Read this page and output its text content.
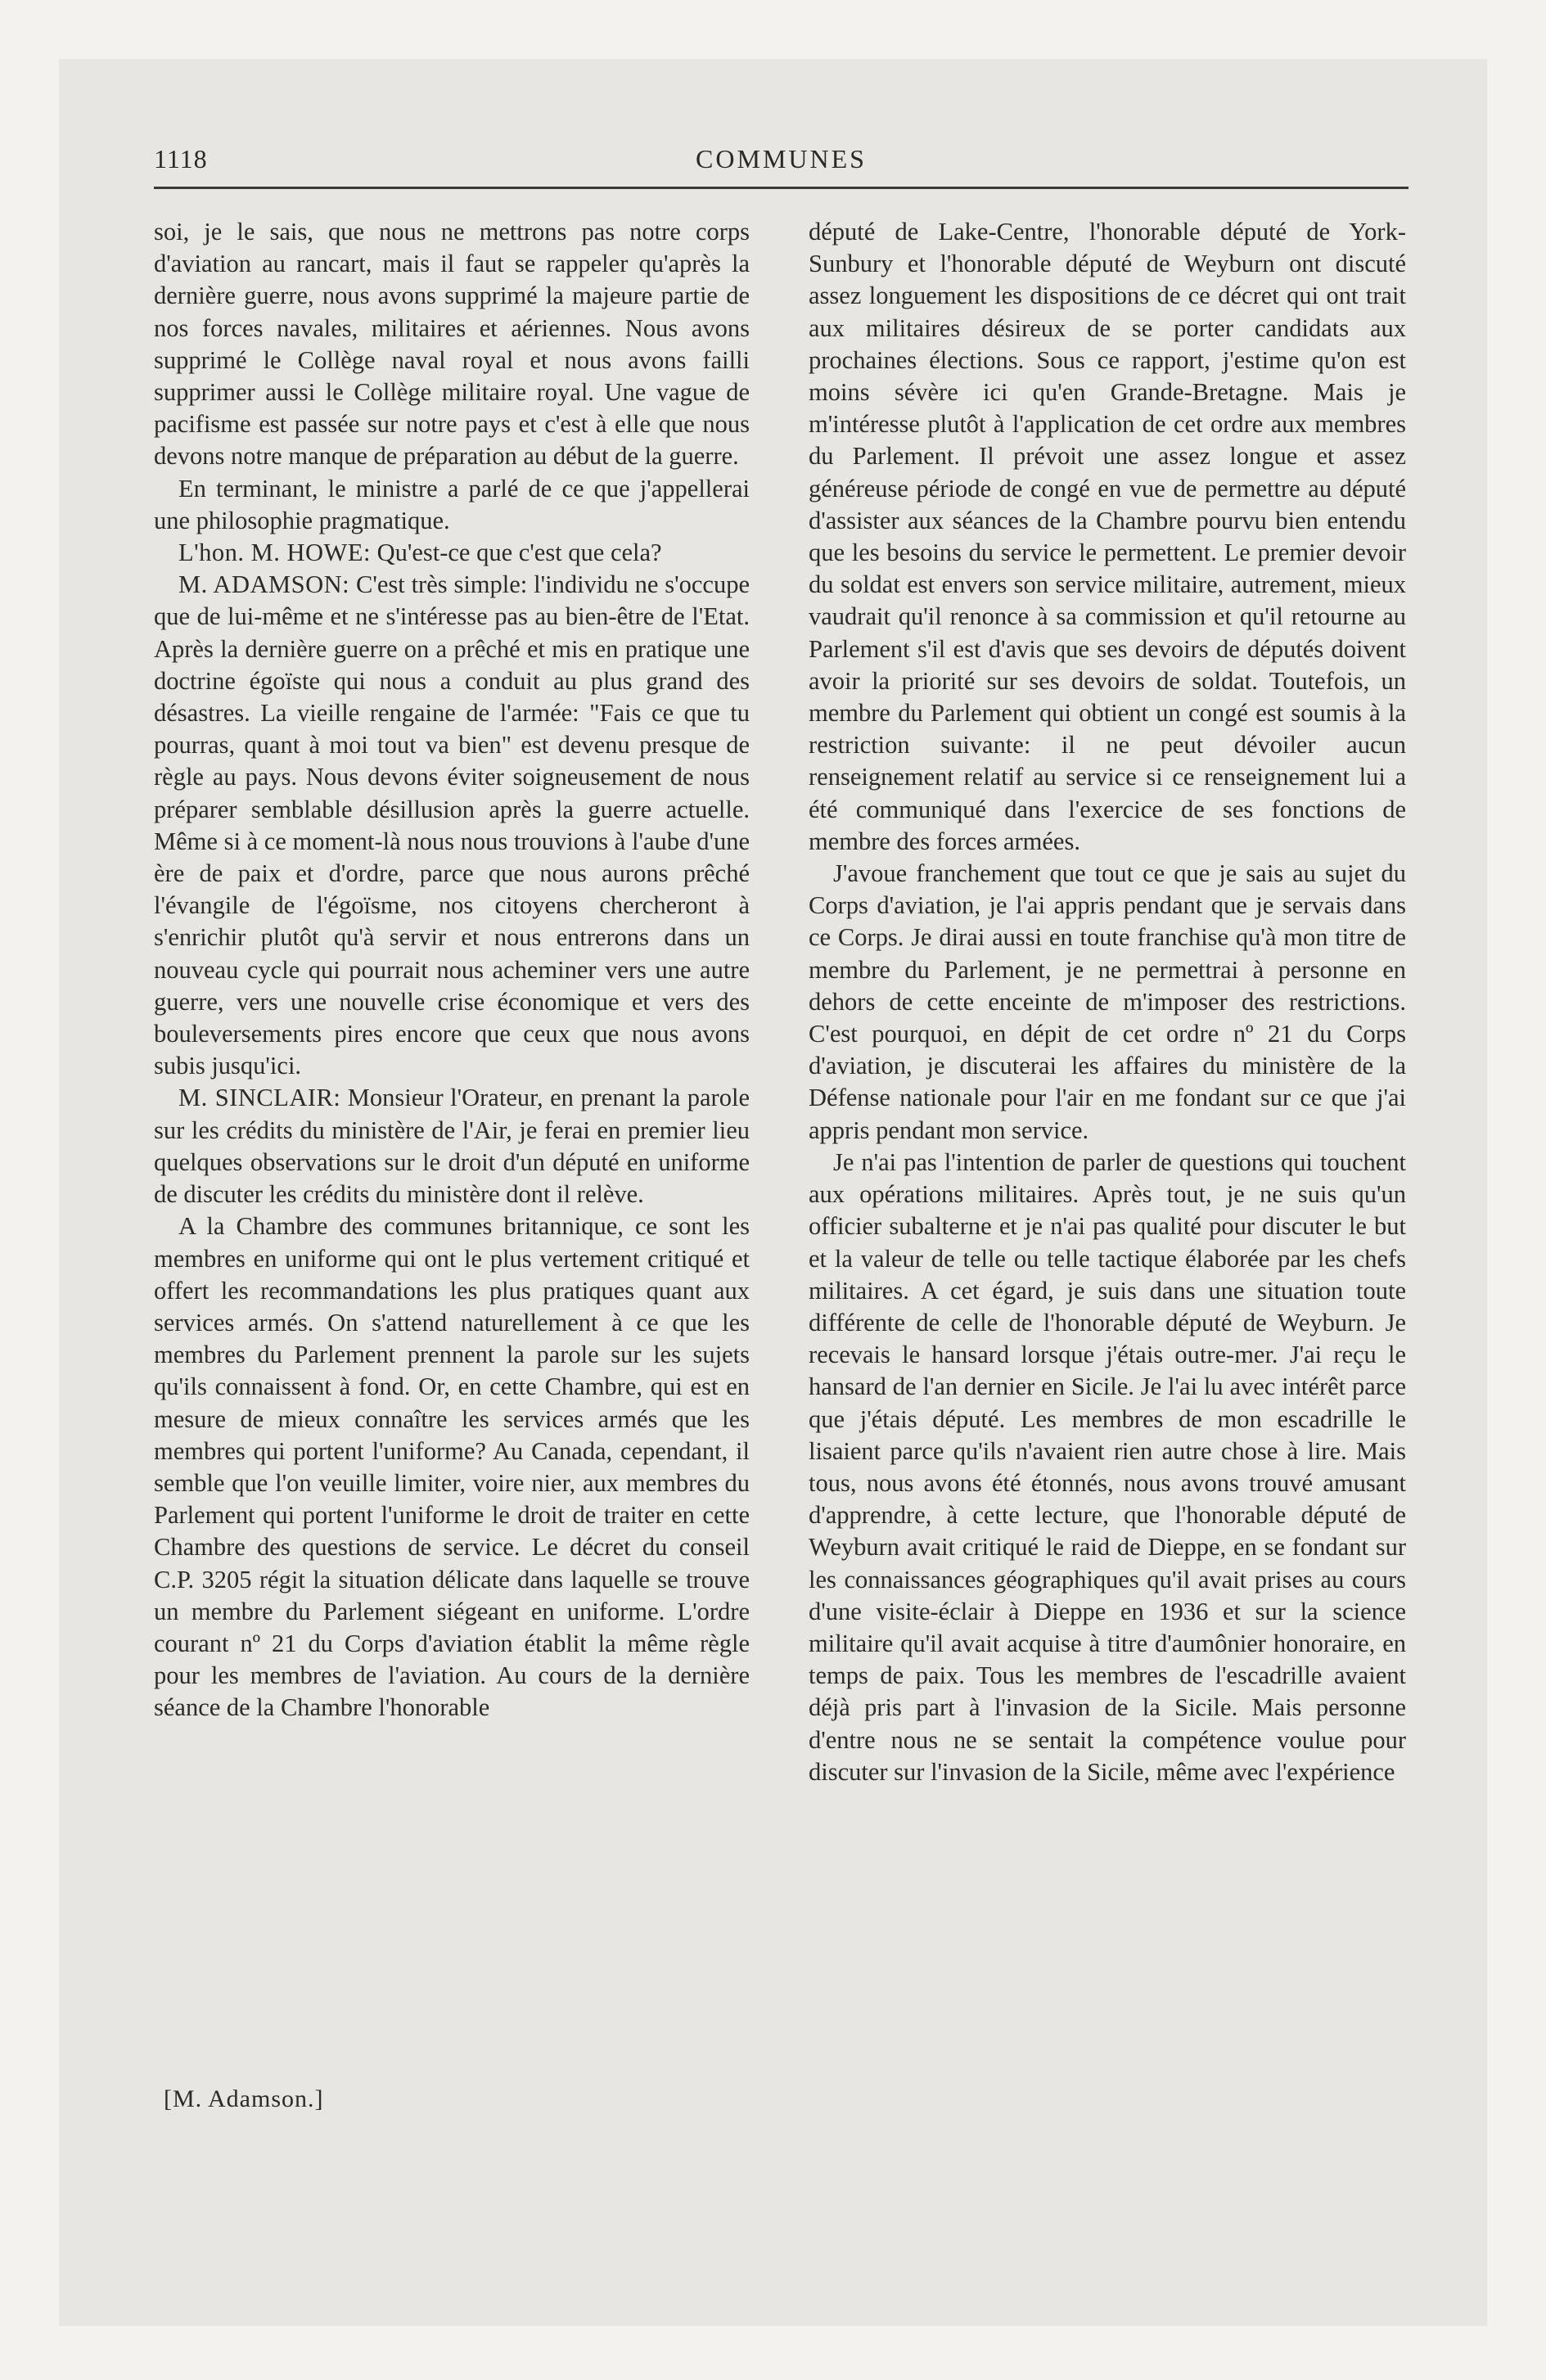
1118	COMMUNES

soi, je le sais, que nous ne mettrons pas notre corps d'aviation au rancart, mais il faut se rappeler qu'après la dernière guerre, nous avons supprimé la majeure partie de nos forces navales, militaires et aériennes. Nous avons supprimé le Collège naval royal et nous avons failli supprimer aussi le Collège militaire royal. Une vague de pacifisme est passée sur notre pays et c'est à elle que nous devons notre manque de préparation au début de la guerre.

En terminant, le ministre a parlé de ce que j'appellerai une philosophie pragmatique.

L'hon. M. HOWE: Qu'est-ce que c'est que cela?

M. ADAMSON: C'est très simple: l'individu ne s'occupe que de lui-même et ne s'intéresse pas au bien-être de l'Etat. Après la dernière guerre on a prêché et mis en pratique une doctrine égoïste qui nous a conduit au plus grand des désastres. La vieille rengaine de l'armée: "Fais ce que tu pourras, quant à moi tout va bien" est devenu presque de règle au pays. Nous devons éviter soigneusement de nous préparer semblable désillusion après la guerre actuelle. Même si à ce moment-là nous nous trouvions à l'aube d'une ère de paix et d'ordre, parce que nous aurons prêché l'évangile de l'égoïsme, nos citoyens chercheront à s'enrichir plutôt qu'à servir et nous entrerons dans un nouveau cycle qui pourrait nous acheminer vers une autre guerre, vers une nouvelle crise économique et vers des bouleversements pires encore que ceux que nous avons subis jusqu'ici.

M. SINCLAIR: Monsieur l'Orateur, en prenant la parole sur les crédits du ministère de l'Air, je ferai en premier lieu quelques observations sur le droit d'un député en uniforme de discuter les crédits du ministère dont il relève.

A la Chambre des communes britannique, ce sont les membres en uniforme qui ont le plus vertement critiqué et offert les recommandations les plus pratiques quant aux services armés. On s'attend naturellement à ce que les membres du Parlement prennent la parole sur les sujets qu'ils connaissent à fond. Or, en cette Chambre, qui est en mesure de mieux connaître les services armés que les membres qui portent l'uniforme? Au Canada, cependant, il semble que l'on veuille limiter, voire nier, aux membres du Parlement qui portent l'uniforme le droit de traiter en cette Chambre des questions de service. Le décret du conseil C.P. 3205 régit la situation délicate dans laquelle se trouve un membre du Parlement siégeant en uniforme. L'ordre courant nº 21 du Corps d'aviation établit la même règle pour les membres de l'aviation. Au cours de la dernière séance de la Chambre l'honorable

député de Lake-Centre, l'honorable député de York-Sunbury et l'honorable député de Weyburn ont discuté assez longuement les dispositions de ce décret qui ont trait aux militaires désireux de se porter candidats aux prochaines élections. Sous ce rapport, j'estime qu'on est moins sévère ici qu'en Grande-Bretagne. Mais je m'intéresse plutôt à l'application de cet ordre aux membres du Parlement. Il prévoit une assez longue et assez généreuse période de congé en vue de permettre au député d'assister aux séances de la Chambre pourvu bien entendu que les besoins du service le permettent. Le premier devoir du soldat est envers son service militaire, autrement, mieux vaudrait qu'il renonce à sa commission et qu'il retourne au Parlement s'il est d'avis que ses devoirs de députés doivent avoir la priorité sur ses devoirs de soldat. Toutefois, un membre du Parlement qui obtient un congé est soumis à la restriction suivante: il ne peut dévoiler aucun renseignement relatif au service si ce renseignement lui a été communiqué dans l'exercice de ses fonctions de membre des forces armées.

J'avoue franchement que tout ce que je sais au sujet du Corps d'aviation, je l'ai appris pendant que je servais dans ce Corps. Je dirai aussi en toute franchise qu'à mon titre de membre du Parlement, je ne permettrai à personne en dehors de cette enceinte de m'imposer des restrictions. C'est pourquoi, en dépit de cet ordre nº 21 du Corps d'aviation, je discuterai les affaires du ministère de la Défense nationale pour l'air en me fondant sur ce que j'ai appris pendant mon service.

Je n'ai pas l'intention de parler de questions qui touchent aux opérations militaires. Après tout, je ne suis qu'un officier subalterne et je n'ai pas qualité pour discuter le but et la valeur de telle ou telle tactique élaborée par les chefs militaires. A cet égard, je suis dans une situation toute différente de celle de l'honorable député de Weyburn. Je recevais le hansard lorsque j'étais outre-mer. J'ai reçu le hansard de l'an dernier en Sicile. Je l'ai lu avec intérêt parce que j'étais député. Les membres de mon escadrille le lisaient parce qu'ils n'avaient rien autre chose à lire. Mais tous, nous avons été étonnés, nous avons trouvé amusant d'apprendre, à cette lecture, que l'honorable député de Weyburn avait critiqué le raid de Dieppe, en se fondant sur les connaissances géographiques qu'il avait prises au cours d'une visite-éclair à Dieppe en 1936 et sur la science militaire qu'il avait acquise à titre d'aumônier honoraire, en temps de paix. Tous les membres de l'escadrille avaient déjà pris part à l'invasion de la Sicile. Mais personne d'entre nous ne se sentait la compétence voulue pour discuter sur l'invasion de la Sicile, même avec l'expérience

[M. Adamson.]
